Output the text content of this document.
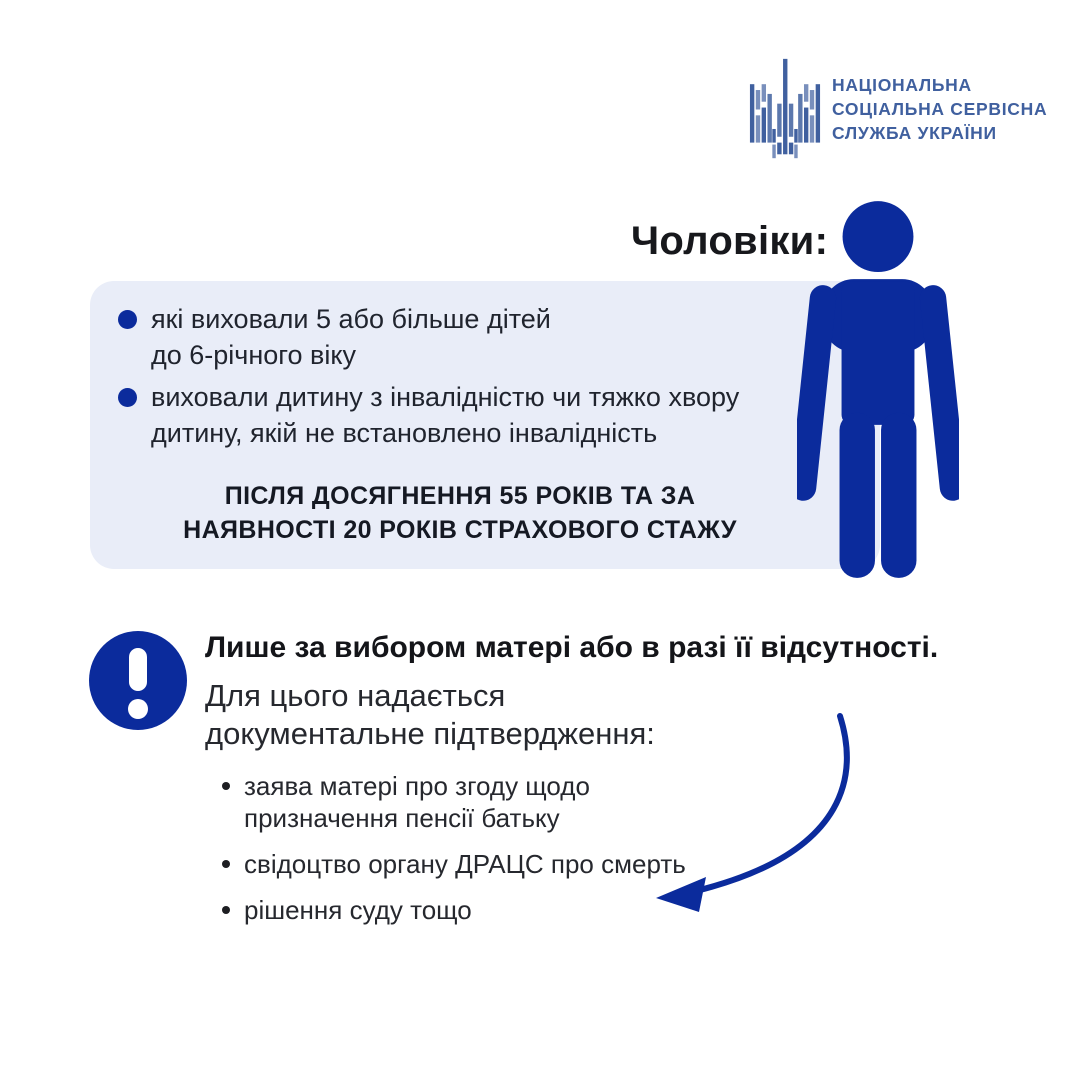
НАЦІОНАЛЬНА
СОЦІАЛЬНА СЕРВІСНА
СЛУЖБА УКРАЇНИ
Чоловіки:
які виховали 5 або більше дітей
до 6-річного віку
виховали дитину з інвалідністю чи тяжко хвору
дитину, якій не встановлено інвалідність
ПІСЛЯ ДОСЯГНЕННЯ 55 РОКІВ ТА ЗА
НАЯВНОСТІ 20 РОКІВ СТРАХОВОГО СТАЖУ
Лише за вибором матері або в разі її відсутності.
Для цього надається
документальне підтвердження:
заява матері про згоду щодо
призначення пенсії батьку
свідоцтво органу ДРАЦС про смерть
рішення суду тощо
